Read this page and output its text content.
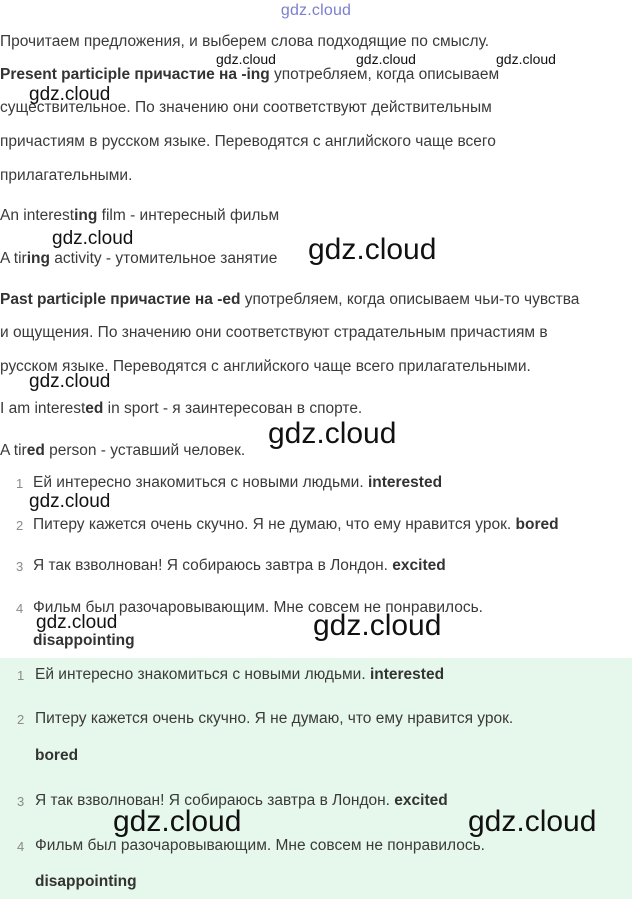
gdz.cloud
Прочитаем предложения, и выберем слова подходящие по смыслу.
Present participle причастие на -ing употребляем, когда описываем
существительное. По значению они соответствуют действительным
причастиям в русском языке. Переводятся с английского чаще всего
прилагательными.
An interesting film - интересный фильм
A tiring activity - утомительное занятие
Past participle причастие на -ed употребляем, когда описываем чьи-то чувства
и ощущения. По значению они соответствуют страдательным причастиям в
русском языке. Переводятся с английского чаще всего прилагательными.
I am interested in sport - я заинтересован в спорте.
A tired person - уставший человек.
1 Ей интересно знакомиться с новыми людьми. interested
2 Питеру кажется очень скучно. Я не думаю, что ему нравится урок. bored
3 Я так взволнован! Я собираюсь завтра в Лондон. excited
4 Фильм был разочаровывающим. Мне совсем не понравилось.
disappointing
1 Ей интересно знакомиться с новыми людьми. interested
2 Питеру кажется очень скучно. Я не думаю, что ему нравится урок.
bored
3 Я так взволнован! Я собираюсь завтра в Лондон. excited
4 Фильм был разочаровывающим. Мне совсем не понравилось.
disappointing
gdz.cloud	gdz.cloud	gdz.cloud
gdz.cloud
gdz.cloud	gdz.cloud
gdz.cloud
gdz.cloud
gdz.cloud
gdz.cloud	gdz.cloud
gdz.cloud	gdz.cloud
